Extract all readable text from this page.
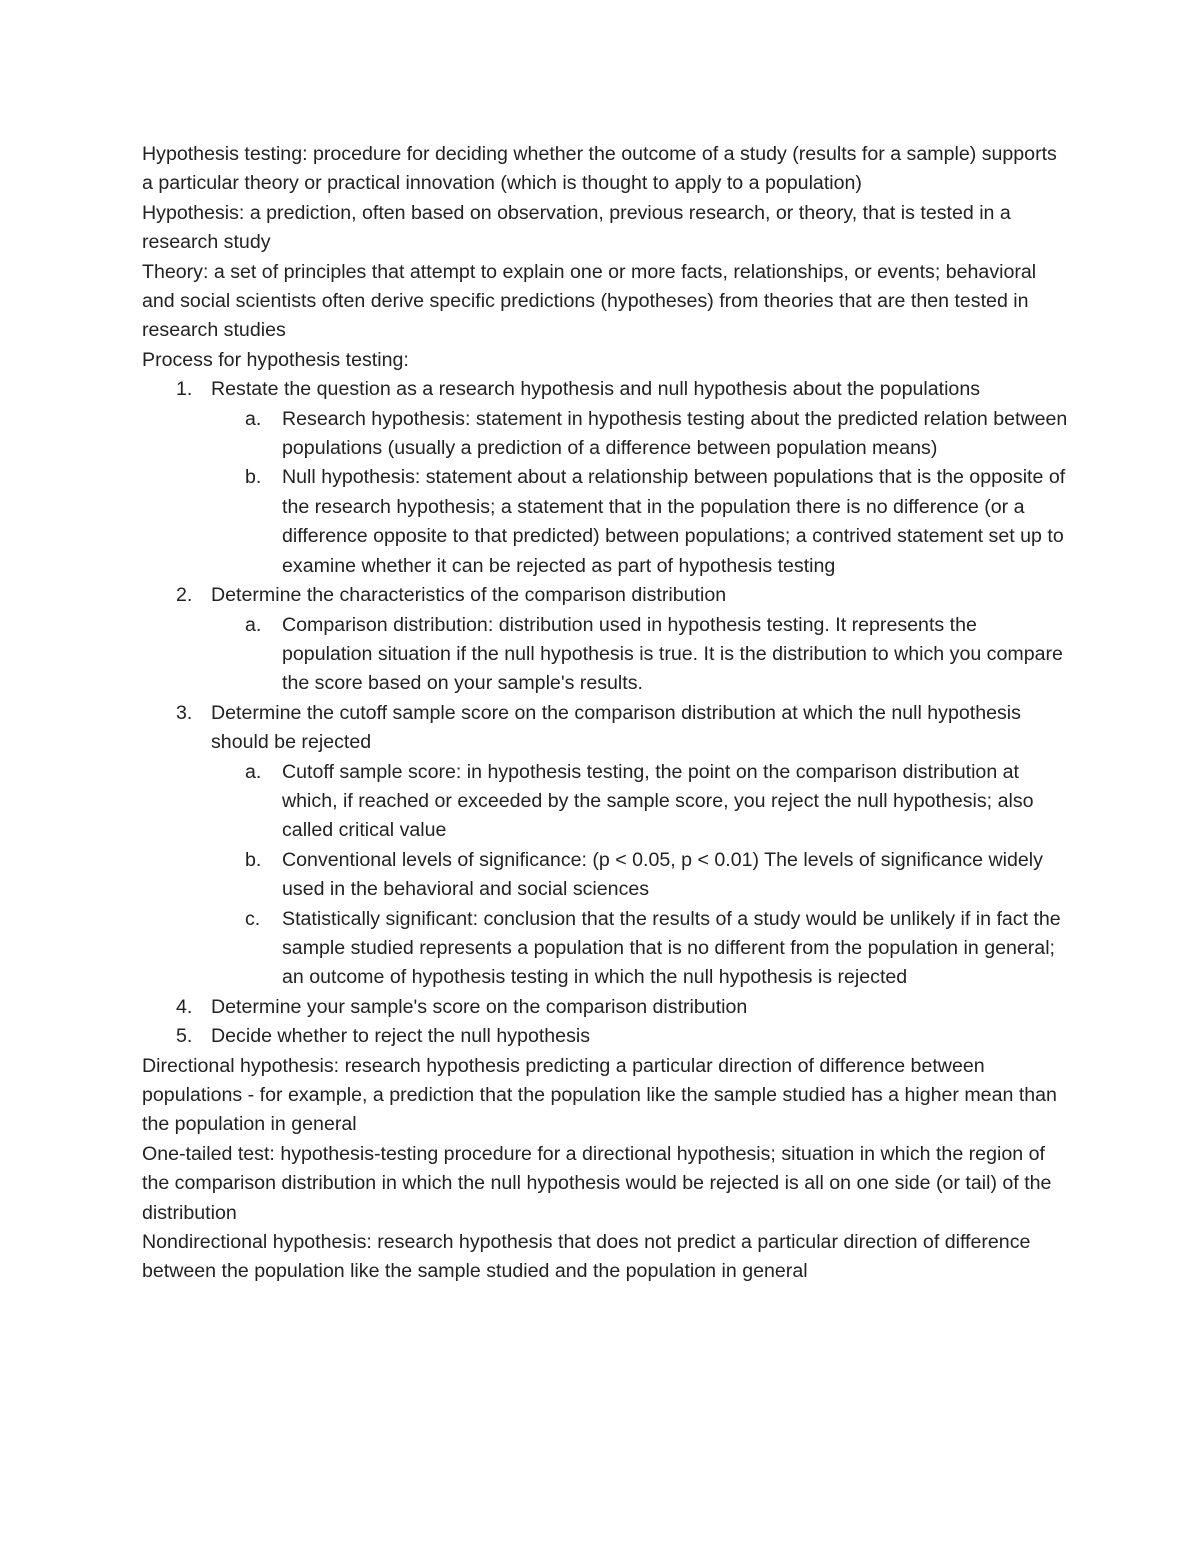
Hypothesis testing: procedure for deciding whether the outcome of a study (results for a sample) supports a particular theory or practical innovation (which is thought to apply to a population)

Hypothesis: a prediction, often based on observation, previous research, or theory, that is tested in a research study

Theory: a set of principles that attempt to explain one or more facts, relationships, or events; behavioral and social scientists often derive specific predictions (hypotheses) from theories that are then tested in research studies

Process for hypothesis testing:

1. Restate the question as a research hypothesis and null hypothesis about the populations
a. Research hypothesis: statement in hypothesis testing about the predicted relation between populations (usually a prediction of a difference between population means)
b. Null hypothesis: statement about a relationship between populations that is the opposite of the research hypothesis; a statement that in the population there is no difference (or a difference opposite to that predicted) between populations; a contrived statement set up to examine whether it can be rejected as part of hypothesis testing
2. Determine the characteristics of the comparison distribution
a. Comparison distribution: distribution used in hypothesis testing. It represents the population situation if the null hypothesis is true. It is the distribution to which you compare the score based on your sample's results.
3. Determine the cutoff sample score on the comparison distribution at which the null hypothesis should be rejected
a. Cutoff sample score: in hypothesis testing, the point on the comparison distribution at which, if reached or exceeded by the sample score, you reject the null hypothesis; also called critical value
b. Conventional levels of significance: (p < 0.05, p < 0.01) The levels of significance widely used in the behavioral and social sciences
c. Statistically significant: conclusion that the results of a study would be unlikely if in fact the sample studied represents a population that is no different from the population in general; an outcome of hypothesis testing in which the null hypothesis is rejected
4. Determine your sample's score on the comparison distribution
5. Decide whether to reject the null hypothesis

Directional hypothesis: research hypothesis predicting a particular direction of difference between populations - for example, a prediction that the population like the sample studied has a higher mean than the population in general

One-tailed test: hypothesis-testing procedure for a directional hypothesis; situation in which the region of the comparison distribution in which the null hypothesis would be rejected is all on one side (or tail) of the distribution

Nondirectional hypothesis: research hypothesis that does not predict a particular direction of difference between the population like the sample studied and the population in general
